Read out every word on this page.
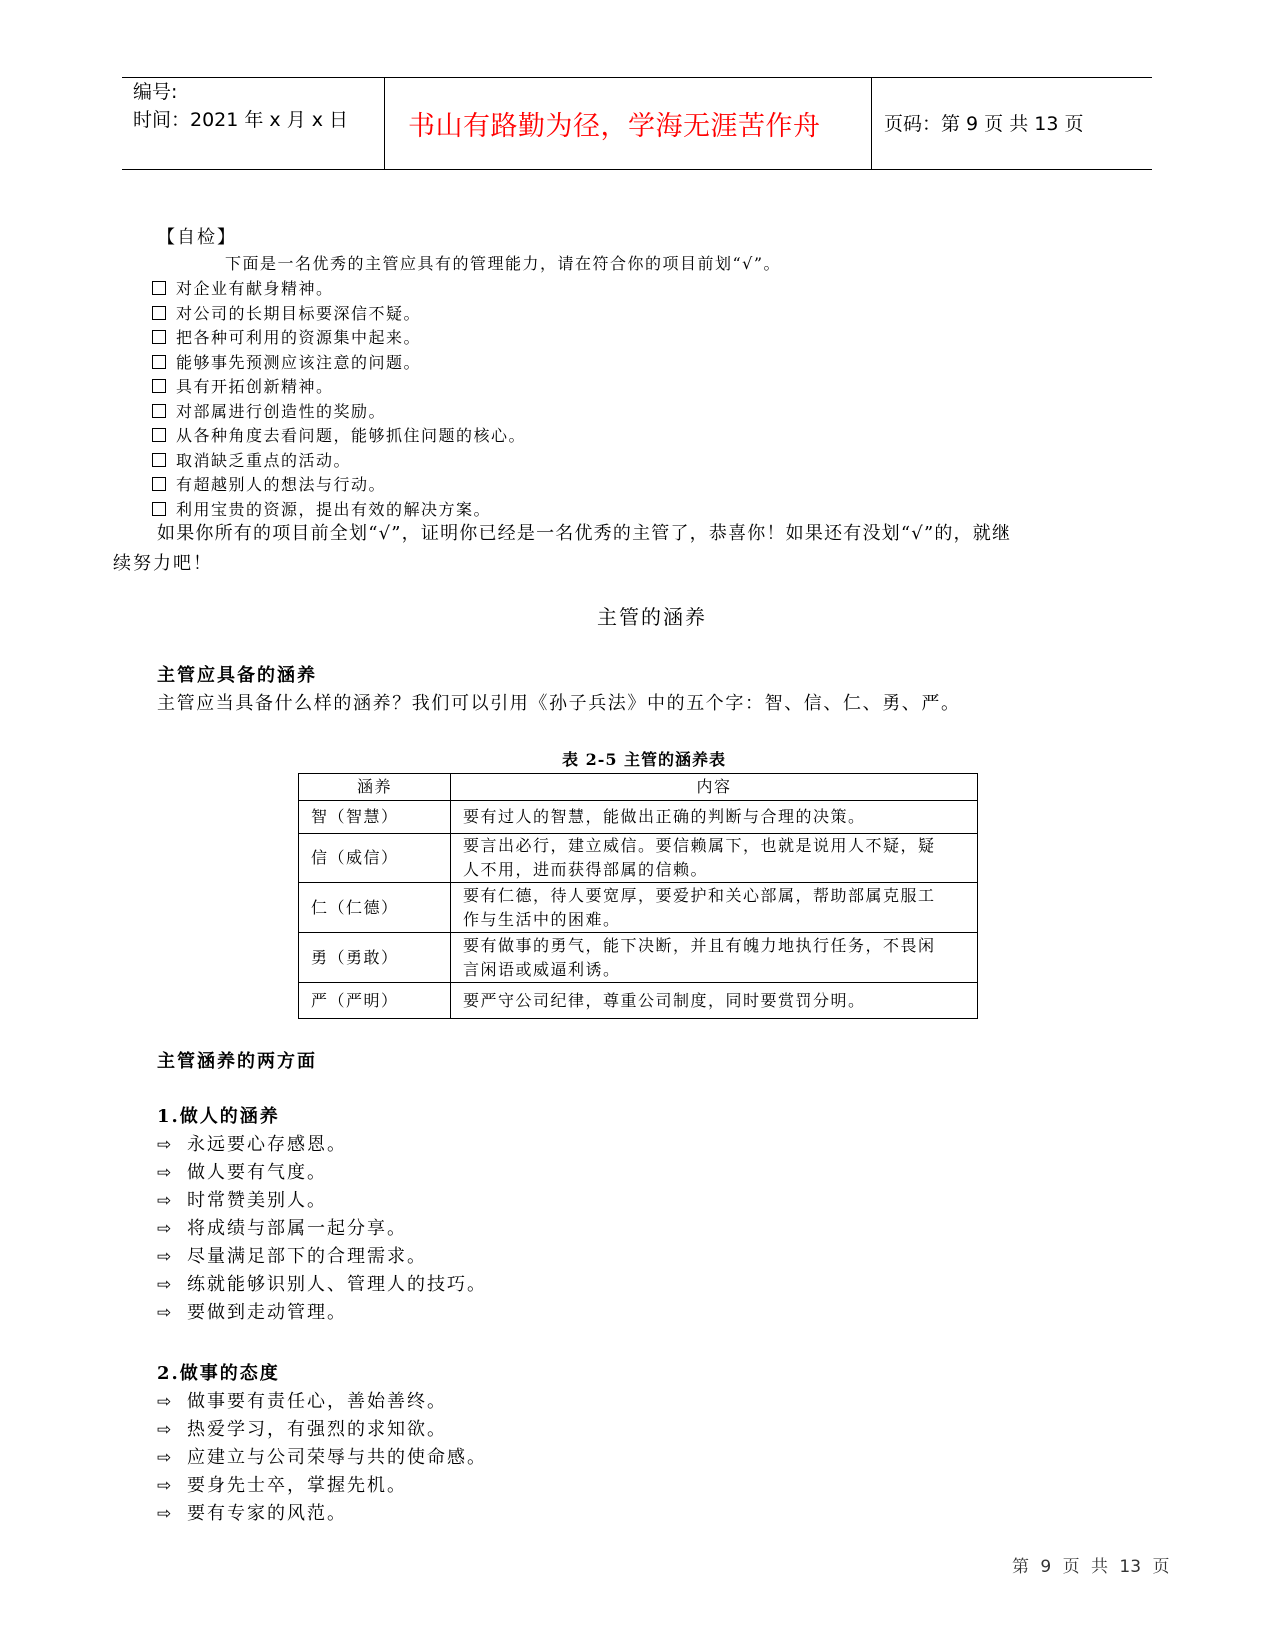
编号:
时间：2021 年 x 月 x 日 书山有路勤为径，学海无涯苦作舟	页码：第 9 页 共 13 页
【自检】
下面是一名优秀的主管应具有的管理能力，请在符合你的项目前划“√”。
对企业有献身精神。
对公司的长期目标要深信不疑。
把各种可利用的资源集中起来。
能够事先预测应该注意的问题。
具有开拓创新精神。
对部属进行创造性的奖励。
从各种角度去看问题，能够抓住问题的核心。
取消缺乏重点的活动。
有超越别人的想法与行动。
利用宝贵的资源，提出有效的解决方案。
如果你所有的项目前全划“√”，证明你已经是一名优秀的主管了，恭喜你！如果还有没划“√”的，就继
续努力吧！
主管的涵养
主管应具备的涵养
主管应当具备什么样的涵养？我们可以引用《孙子兵法》中的五个字：智、信、仁、勇、严。
表 2-5 主管的涵养表
涵养	内容
智（智慧）	要有过人的智慧，能做出正确的判断与合理的决策。

信（威信）	要言出必行，建立威信。要信赖属下，也就是说用人不疑，疑
人不用，进而获得部属的信赖。

仁（仁德）	要有仁德，待人要宽厚，要爱护和关心部属，帮助部属克服工
作与生活中的困难。

勇（勇敢）	要有做事的勇气，能下决断，并且有魄力地执行任务，不畏闲
言闲语或威逼利诱。

严（严明）	要严守公司纪律，尊重公司制度，同时要赏罚分明。
主管涵养的两方面
1.做人的涵养
⇨ 永远要心存感恩。
⇨ 做人要有气度。
⇨ 时常赞美别人。
⇨ 将成绩与部属一起分享。
⇨ 尽量满足部下的合理需求。
⇨ 练就能够识别人、管理人的技巧。
⇨ 要做到走动管理。
2.做事的态度
⇨ 做事要有责任心，善始善终。
⇨ 热爱学习，有强烈的求知欲。
⇨ 应建立与公司荣辱与共的使命感。
⇨ 要身先士卒，掌握先机。
⇨ 要有专家的风范。
第 9 页 共 13 页
